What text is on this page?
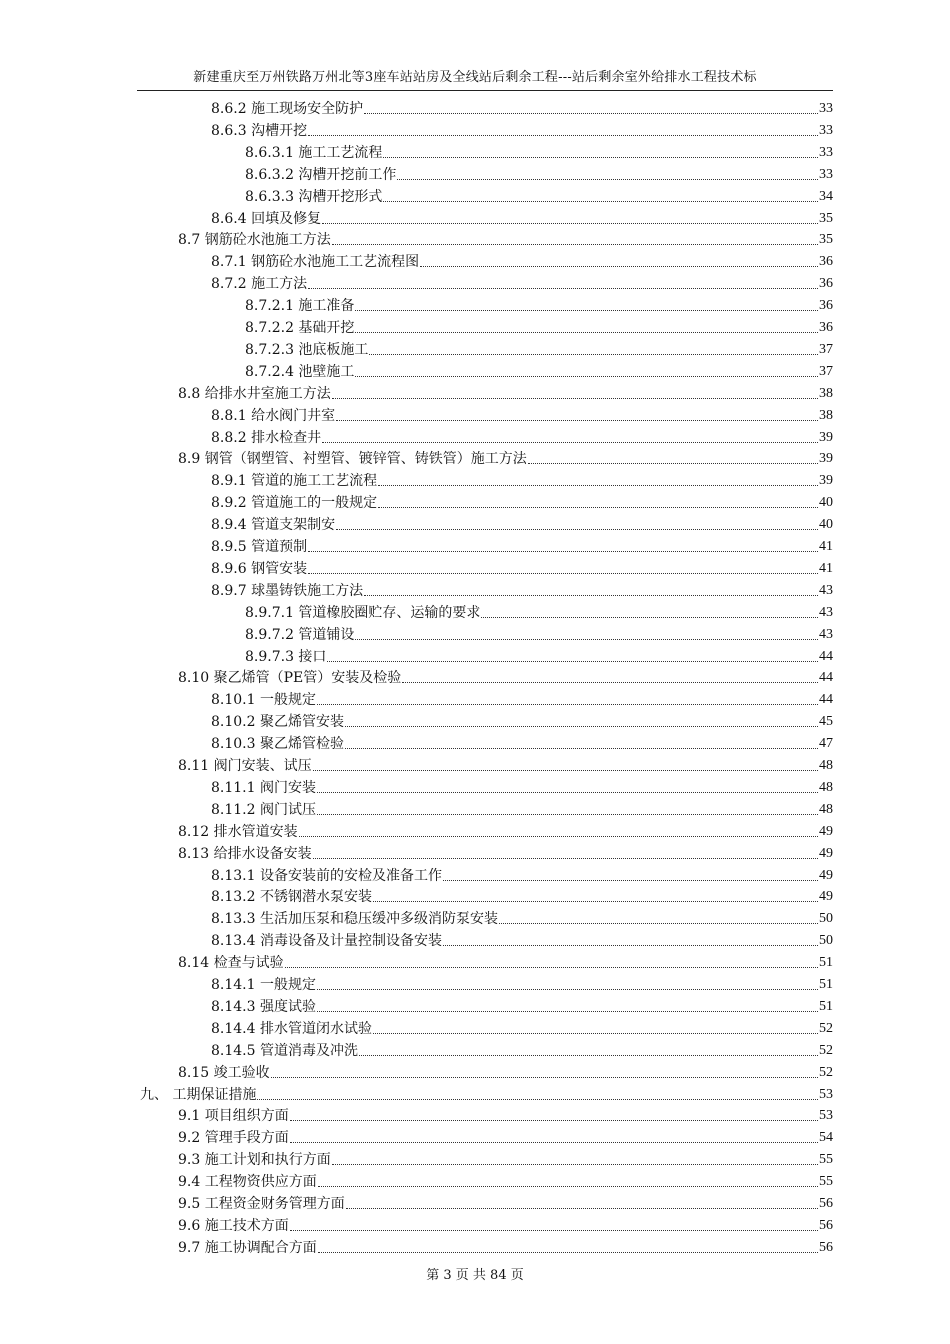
新建重庆至万州铁路万州北等3座车站站房及全线站后剩余工程---站后剩余室外给排水工程技术标
8.6.2 施工现场安全防护	33
8.6.3 沟槽开挖	33
8.6.3.1 施工工艺流程	33
8.6.3.2 沟槽开挖前工作	33
8.6.3.3 沟槽开挖形式	34
8.6.4 回填及修复	35
8.7 钢筋砼水池施工方法	35
8.7.1 钢筋砼水池施工工艺流程图	36
8.7.2 施工方法	36
8.7.2.1 施工准备	36
8.7.2.2 基础开挖	36
8.7.2.3 池底板施工	37
8.7.2.4 池壁施工	37
8.8 给排水井室施工方法	38
8.8.1 给水阀门井室	38
8.8.2 排水检查井	39
8.9 钢管（钢塑管、衬塑管、镀锌管、铸铁管）施工方法	39
8.9.1 管道的施工工艺流程	39
8.9.2 管道施工的一般规定	40
8.9.4 管道支架制安	40
8.9.5 管道预制	41
8.9.6 钢管安装	41
8.9.7 球墨铸铁施工方法	43
8.9.7.1 管道橡胶圈贮存、运输的要求	43
8.9.7.2 管道铺设	43
8.9.7.3 接口	44
8.10 聚乙烯管（PE管）安装及检验	44
8.10.1 一般规定	44
8.10.2 聚乙烯管安装	45
8.10.3 聚乙烯管检验	47
8.11 阀门安装、试压	48
8.11.1 阀门安装	48
8.11.2 阀门试压	48
8.12 排水管道安装	49
8.13 给排水设备安装	49
8.13.1 设备安装前的安检及准备工作	49
8.13.2 不锈钢潜水泵安装	49
8.13.3 生活加压泵和稳压缓冲多级消防泵安装	50
8.13.4 消毒设备及计量控制设备安装	50
8.14 检查与试验	51
8.14.1 一般规定	51
8.14.3 强度试验	51
8.14.4 排水管道闭水试验	52
8.14.5 管道消毒及冲洗	52
8.15 竣工验收	52
九、 工期保证措施	53
9.1 项目组织方面	53
9.2 管理手段方面	54
9.3 施工计划和执行方面	55
9.4 工程物资供应方面	55
9.5 工程资金财务管理方面	56
9.6 施工技术方面	56
9.7 施工协调配合方面	56
第 3 页 共 84 页
